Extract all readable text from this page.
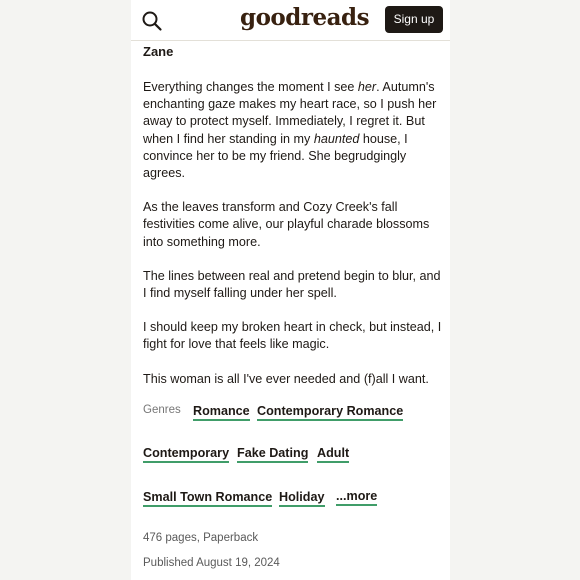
goodreads	Sign up
Zane

Everything changes the moment I see her. Autumn's enchanting gaze makes my heart race, so I push her away to protect myself. Immediately, I regret it. But when I find her standing in my haunted house, I convince her to be my friend. She begrudgingly agrees.

As the leaves transform and Cozy Creek's fall festivities come alive, our playful charade blossoms into something more.

The lines between real and pretend begin to blur, and I find myself falling under her spell.

I should keep my broken heart in check, but instead, I fight for love that feels like magic.

This woman is all I've ever needed and (f)all I want.

Genres Romance Contemporary Romance
Contemporary Fake Dating Adult
Small Town Romance Holiday ...more
476 pages, Paperback
Published August 19, 2024
